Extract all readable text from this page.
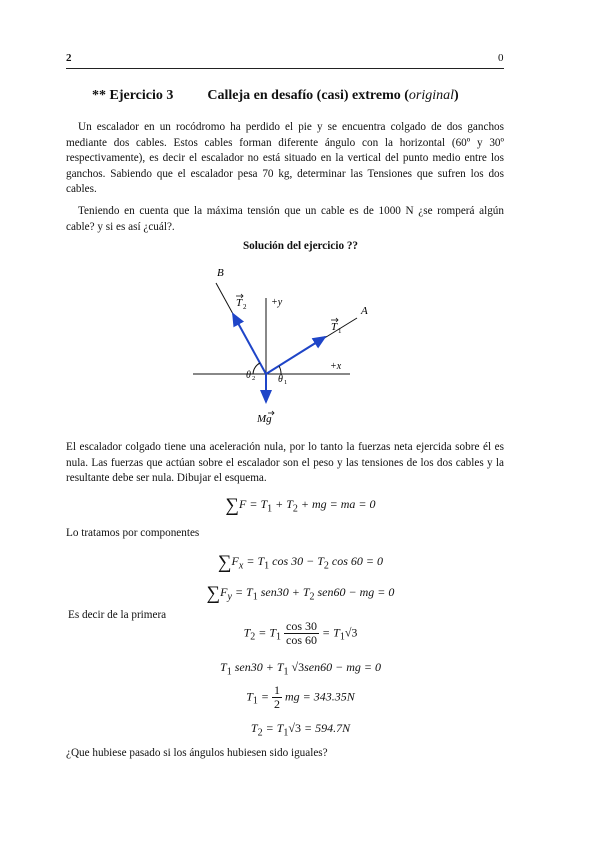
2	0
** Ejercicio 3 Calleja en desafío (casi) extremo (original)

Un escalador en un rocódromo ha perdido el pie y se encuentra colgado de dos ganchos mediante dos cables. Estos cables forman diferente ángulo con la horizontal (60º y 30º respectivamente), es decir el escalador no está situado en la vertical del punto medio entre los ganchos. Sabiendo que el escalador pesa 70 kg, determinar las Tensiones que sufren los dos cables.

Teniendo en cuenta que la máxima tensión que un cable es de 1000 N ¿se romperá algún cable? y si es así ¿cuál?.

Solución del ejercicio ??
B
A
T 2
T 1
+y
+x
θ 2 θ 1
Mg

El escalador colgado tiene una aceleración nula, por lo tanto la fuerzas neta ejercida sobre él es nula. Las fuerzas que actúan sobre el escalador son el peso y las tensiones de los dos cables y la resultante debe ser nula. Dibujar el esquema.

$\sum F = T_1 + T_2$ + mg = ma = 0
Lo tratamos por componentes
$\sum F_x = T_1$ $\cos 30 - T_2$ cos 60 = 0
$\sum F_y = T_1$ $sen30 + T_2$ sen60 − mg = 0
Es decir de la primera
$T_2 = T_1 \frac{\cos 30}{\cos 60} = T_1√3$
$T_1$ $sen30 + T_1$ √3sen60 − mg = 0
$T_1 = \frac{1}{2}$ mg = 343.35N
$T_2 = T_1√3 = 594.7N$
¿Que hubiese pasado si los ángulos hubiesen sido iguales?
